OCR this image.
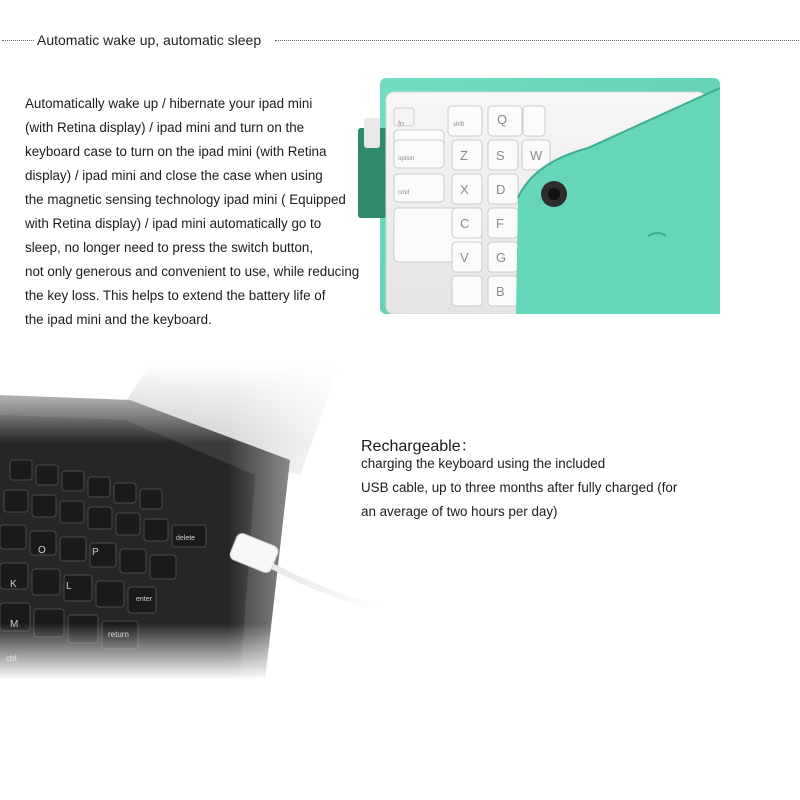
Automatic wake up, automatic sleep
Automatically wake up / hibernate your ipad mini
(with Retina display) / ipad mini and turn on the
keyboard case to turn on the ipad mini (with Retina
display) / ipad mini and close the case when using
the magnetic sensing technology ipad mini ( Equipped
with Retina display) / ipad mini automatically go to
sleep, no longer need to press the switch button,
not only generous and convenient to use, while reducing
the key loss. This helps to extend the battery life of
the ipad mini and the keyboard.
fn	shift	Q
option	Z S W
cmd	X D
C F
V G
B
Rechargeable：
charging the keyboard using the included
USB cable, up to three months after fully charged (for
an average of two hours per day)
